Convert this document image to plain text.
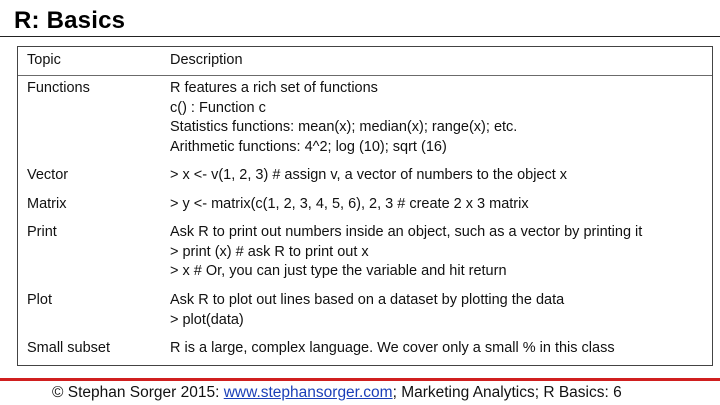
R: Basics
Topic	Description
Functions	R features a rich set of functions
c() : Function c
Statistics functions: mean(x); median(x); range(x); etc.
Arithmetic functions: 4^2; log (10); sqrt (16)
Vector	> x <- v(1, 2, 3) # assign v, a vector of numbers to the object x
Matrix	> y <- matrix(c(1, 2, 3, 4, 5, 6), 2, 3 # create 2 x 3 matrix
Print	Ask R to print out numbers inside an object, such as a vector by printing it
> print (x) # ask R to print out x
> x # Or, you can just type the variable and hit return
Plot	Ask R to plot out lines based on a dataset by plotting the data
> plot(data)
Small subset	R is a large, complex language. We cover only a small % in this class
© Stephan Sorger 2015: www.stephansorger.com; Marketing Analytics; R Basics: 6
